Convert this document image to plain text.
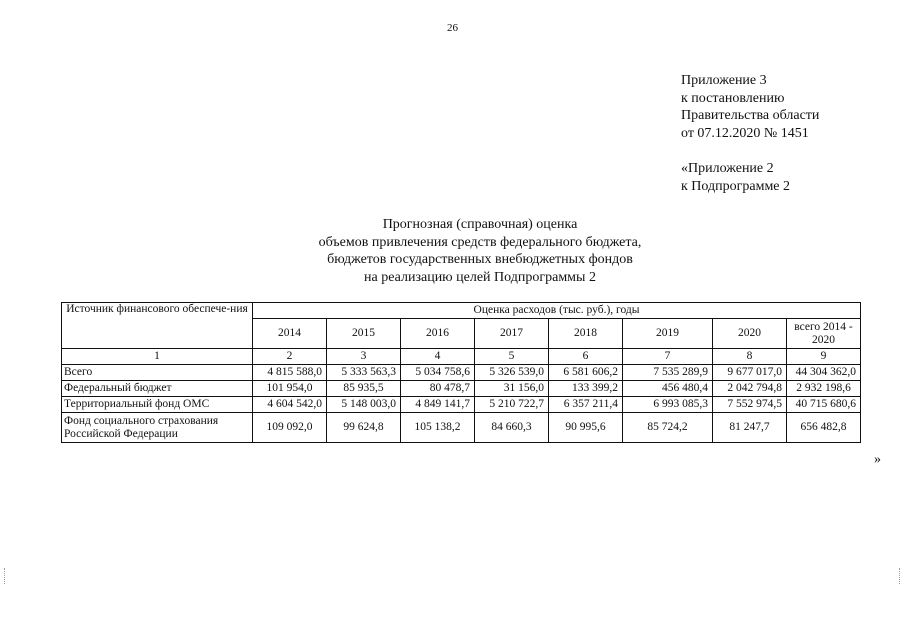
26
Приложение 3
к постановлению
Правительства области
от 07.12.2020 № 1451
«Приложение 2
к Подпрограмме 2
Прогнозная (справочная) оценка
объемов привлечения средств федерального бюджета,
бюджетов государственных внебюджетных фондов
на реализацию целей Подпрограммы 2
Источник финансового обеспече-ния	Оценка расходов (тыс. руб.), годы							
	2014	2015	2016	2017	2018	2019	2020	всего 2014 - 2020
1	2	3	4	5	6	7	8	9
Всего	4 815 588,0	5 333 563,3	5 034 758,6	5 326 539,0	6 581 606,2	7 535 289,9	9 677 017,0	44 304 362,0
Федеральный бюджет	101 954,0	85 935,5	80 478,7	31 156,0	133 399,2	456 480,4	2 042 794,8	2 932 198,6
Территориальный фонд ОМС	4 604 542,0	5 148 003,0	4 849 141,7	5 210 722,7	6 357 211,4	6 993 085,3	7 552 974,5	40 715 680,6
Фонд социального страхования Российской Федерации	109 092,0	99 624,8	105 138,2	84 660,3	90 995,6	85 724,2	81 247,7	656 482,8
»
